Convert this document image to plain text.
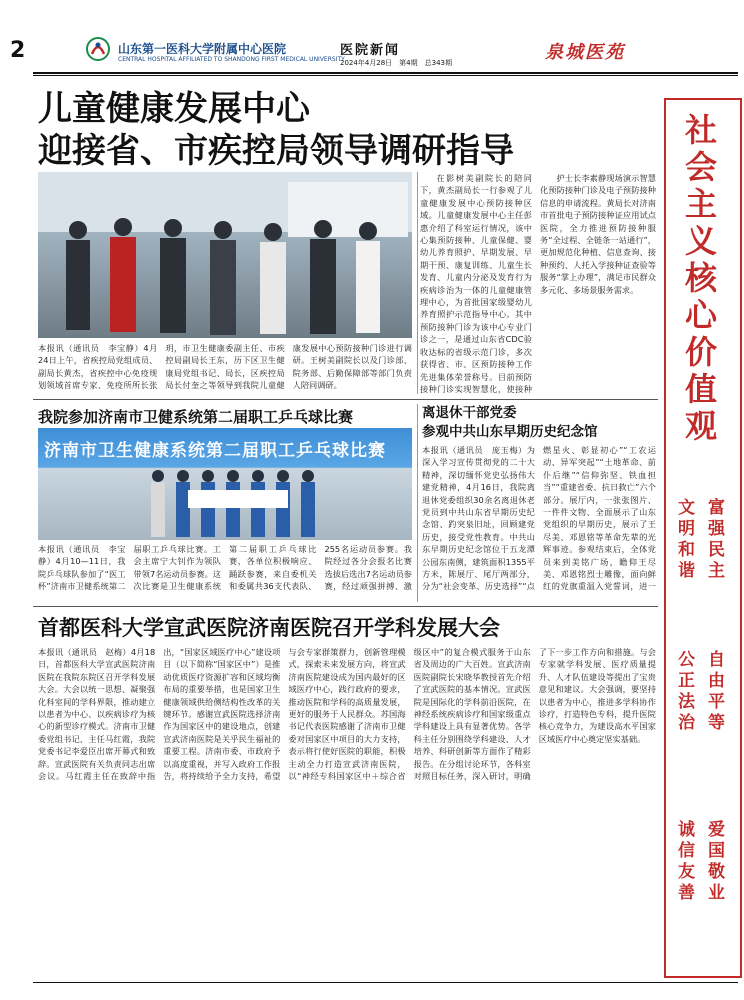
2	山东第一医科大学附属中心医院
CENTRAL HOSPITAL AFFILIATED TO SHANDONG FIRST MEDICAL UNIVERSITY
医院新闻
2024年4月28日　第4期　总343期	泉城医苑
儿童健康发展中心
迎接省、市疾控局领导调研指导
本报讯（通讯员　李宝静）4月24日上午，省疾控局党组成员、副局长黄杰，省疾控中心免疫规划领域首席专家、免疫所所长张玥，市卫生健康委副主任、市疾控局副局长王东，历下区卫生健康局党组书记、局长，区疾控局局长付奎之等领导到我院儿童健康发展中心预防接种门诊进行调研。王树美副院长以及门诊部、院务部、后勤保障部等部门负责人陪同调研。

在影树美副院长的陪同下，黄杰副局长一行参观了儿童健康发展中心预防接种区域。儿童健康发展中心主任彭惠介绍了科室运行情况，该中心集预防接种、儿童保健、婴幼儿养育照护、早期发展、早期干预、康复训练、儿童生长发育、儿童内分泌及发育行为疾病诊治为一体的儿童健康管理中心，为首批国家级婴幼儿养育照护示范指导中心。其中预防接种门诊为该中心专业门诊之一，是通过山东省CDC验收达标的省级示范门诊，多次获得省、市、区预防接种工作先进集体荣誉称号。目前预防接种门诊实现智慧化，使接种

护士长李素静现场演示智慧化预防接种门诊及电子预防接种信息的申请流程。黄局长对济南市首批电子预防接种证应用试点医院，全力推进预防接种服务“全过程、全链条一站通行”，更加规范化种植、信息查询、接种预约、人托入学接种证查验等服务“掌上办理”，满足市民群众多元化、多场景服务需求。

我院参加济南市卫健系统第二届职工乒乓球比赛
济南市卫生健康系统第二届职工乒乓球比赛
本报讯（通讯员　李宝静）4月10—11日，我院乒乓球队参加了“医工杯”济南市卫健系统第二届职工乒乓球比赛。工会主席宁大钊作为领队带领7名运动员参赛。这次比赛是卫生健康系统第二届职工乒乓球比赛，各单位积极响应、踊跃参赛，来自委机关和委属共36支代表队、255名运动员参赛。我院经过各分会报名比赛选拔后选出7名运动员参赛，经过顽强拼搏、激
离退休干部党委
参观中共山东早期历史纪念馆
本报讯（通讯员　庞玉梅）为深入学习宣传贯彻党的二十大精神，深切缅怀党史弘扬伟大建党精神，4月16日，我院离退休党委组织30余名离退休老党员到中共山东省早期历史纪念馆、趵突泉旧址，回顾建党历史，接受党性教育。中共山东早期历史纪念馆位于五龙潭公园东南侧，建筑面积1355平方米，陈展厅、尾厅两部分，分为“社会变革、历史选择”“点燃星火、彰显初心”“工农运动、异军突起”“土地革命、前仆后继”“信仰弥坚、铁血担当”“重建省委、抗日救亡”六个部分。展厅内，一张张图片、一件件文物、全面展示了山东党组织的早期历史，展示了王尽美、邓恩铭等革命先辈的光辉事迹。参观结束后，全体党员来到美铭广场，瞻仰王尽美、邓恩铭烈士雕像，面向鲜红的党旗重温入党誓词，进一
首都医科大学宣武医院济南医院召开学科发展大会
本报讯（通讯员　赵梅）4月18日，首都医科大学宣武医院济南医院在我院东院区召开学科发展大会。大会以统一思想、凝聚强化科室间的学科界限，推动建立以患者为中心、以疾病诊疗为核心的新型诊疗模式。济南市卫健委党组书记、主任马红霞，我院党委书记李爱臣出席开幕式和致辞。宣武医院有关负责同志出席会议。马红霞主任在致辞中指出，“国家区域医疗中心”建设项目（以下简称“国家区中”）是推动优质医疗资源扩容和区域均衡布局的重要举措，也是国家卫生健康领域供给侧结构性改革的关键环节。感谢宣武医院选择济南作为国家区中的建设地点，创建宣武济南医院是关乎民生福祉的重要工程。济南市委、市政府予以高度重视，并写入政府工作报告，将持续给予全力支持，希望与会专家群策群力，创新管理模式，探索未来发展方向，将宣武济南医院建设成为国内最好的区域医疗中心，践行政府的要求，推动医院和学科的高质量发展，更好的服务于人民群众。苏国海书记代表医院感谢了济南市卫健委对国家区中项目的大力支持，表示将行使好医院的职能，积极主动全力打造宣武济南医院，以“神经专科国家区中＋综合省级区中”的复合模式服务于山东省及周边的广大百姓。宣武济南医院副院长宋晓华教授首先介绍了宣武医院的基本情况。宣武医院是国际化的学科前沿医院，在神经系统疾病诊疗和国家级重点学科建设上具有显著优势。各学科主任分别围绕学科建设、人才培养、科研创新等方面作了精彩报告。在分组讨论环节，各科室对照目标任务，深入研讨，明确了下一步工作方向和措施。与会专家就学科发展、医疗质量提升、人才队伍建设等提出了宝贵意见和建议。大会强调，要坚持以患者为中心，推进多学科协作诊疗，打造特色专科，提升医院核心竞争力，为建设高水平国家区域医疗中心奠定坚实基础。
社会主义核心价值观
富强民主
文明和谐
自由平等
公正法治
爱国敬业
诚信友善
